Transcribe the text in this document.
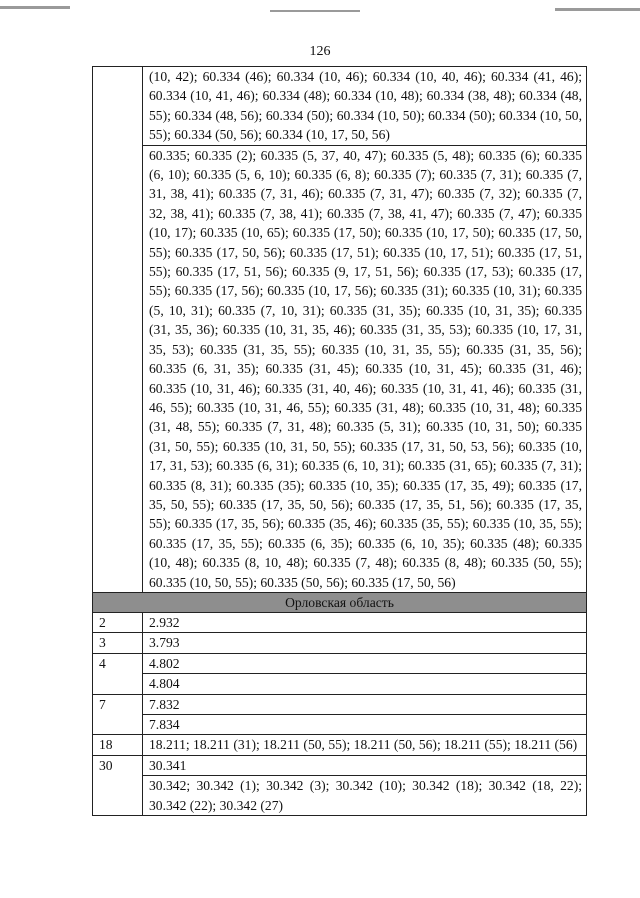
126
	(10, 42); 60.334 (46); 60.334 (10, 46); 60.334 (10, 40, 46); 60.334 (41, 46); 60.334 (10, 41, 46); 60.334 (48); 60.334 (10, 48); 60.334 (38, 48); 60.334 (48, 55); 60.334 (48, 56); 60.334 (50); 60.334 (10, 50); 60.334 (50); 60.334 (10, 50, 55); 60.334 (50, 56); 60.334 (10, 17, 50, 56)
	60.335; 60.335 (2); 60.335 (5, 37, 40, 47); 60.335 (5, 48); 60.335 (6); 60.335 (6, 10); 60.335 (5, 6, 10); 60.335 (6, 8); 60.335 (7); 60.335 (7, 31); 60.335 (7, 31, 38, 41); 60.335 (7, 31, 46); 60.335 (7, 31, 47); 60.335 (7, 32); 60.335 (7, 32, 38, 41); 60.335 (7, 38, 41); 60.335 (7, 38, 41, 47); 60.335 (7, 47); 60.335 (10, 17); 60.335 (10, 65); 60.335 (17, 50); 60.335 (10, 17, 50); 60.335 (17, 50, 55); 60.335 (17, 50, 56); 60.335 (17, 51); 60.335 (10, 17, 51); 60.335 (17, 51, 55); 60.335 (17, 51, 56); 60.335 (9, 17, 51, 56); 60.335 (17, 53); 60.335 (17, 55); 60.335 (17, 56); 60.335 (10, 17, 56); 60.335 (31); 60.335 (10, 31); 60.335 (5, 10, 31); 60.335 (7, 10, 31); 60.335 (31, 35); 60.335 (10, 31, 35); 60.335 (31, 35, 36); 60.335 (10, 31, 35, 46); 60.335 (31, 35, 53); 60.335 (10, 17, 31, 35, 53); 60.335 (31, 35, 55); 60.335 (10, 31, 35, 55); 60.335 (31, 35, 56); 60.335 (6, 31, 35); 60.335 (31, 45); 60.335 (10, 31, 45); 60.335 (31, 46); 60.335 (10, 31, 46); 60.335 (31, 40, 46); 60.335 (10, 31, 41, 46); 60.335 (31, 46, 55); 60.335 (10, 31, 46, 55); 60.335 (31, 48); 60.335 (10, 31, 48); 60.335 (31, 48, 55); 60.335 (7, 31, 48); 60.335 (5, 31); 60.335 (10, 31, 50); 60.335 (31, 50, 55); 60.335 (10, 31, 50, 55); 60.335 (17, 31, 50, 53, 56); 60.335 (10, 17, 31, 53); 60.335 (6, 31); 60.335 (6, 10, 31); 60.335 (31, 65); 60.335 (7, 31); 60.335 (8, 31); 60.335 (35); 60.335 (10, 35); 60.335 (17, 35, 49); 60.335 (17, 35, 50, 55); 60.335 (17, 35, 50, 56); 60.335 (17, 35, 51, 56); 60.335 (17, 35, 55); 60.335 (17, 35, 56); 60.335 (35, 46); 60.335 (35, 55); 60.335 (10, 35, 55); 60.335 (17, 35, 55); 60.335 (6, 35); 60.335 (6, 10, 35); 60.335 (48); 60.335 (10, 48); 60.335 (8, 10, 48); 60.335 (7, 48); 60.335 (8, 48); 60.335 (50, 55); 60.335 (10, 50, 55); 60.335 (50, 56); 60.335 (17, 50, 56)
Орловская область	
2	2.932
3	3.793
4	4.802
	4.804
7	7.832
	7.834
18	18.211; 18.211 (31); 18.211 (50, 55); 18.211 (50, 56); 18.211 (55); 18.211 (56)
30	30.341
	30.342; 30.342 (1); 30.342 (3); 30.342 (10); 30.342 (18); 30.342 (18, 22); 30.342 (22); 30.342 (27)
